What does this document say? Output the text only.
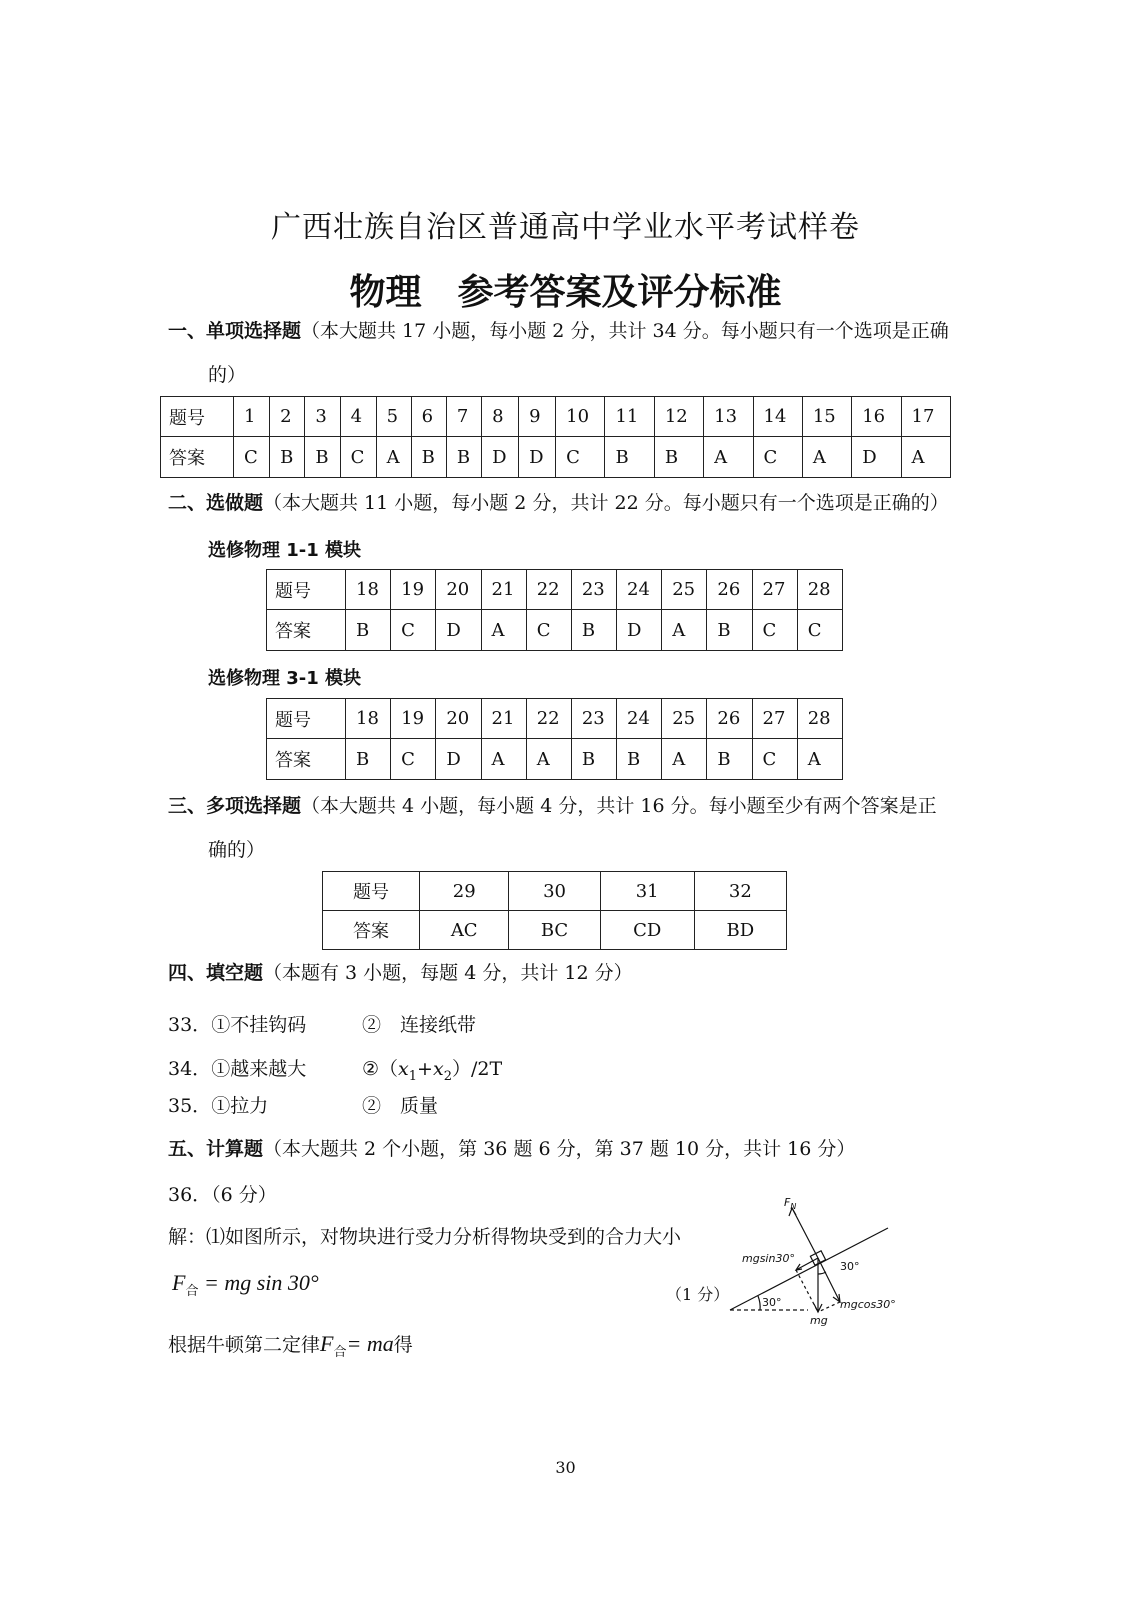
广西壮族自治区普通高中学业水平考试样卷
物理 参考答案及评分标准
一、单项选择题（本大题共 17 小题，每小题 2 分，共计 34 分。每小题只有一个选项是正确
的）
题号	1	2	3	4	5	6	7	8	9	10	11	12	13	14	15	16	17
答案	C	B	B	C	A	B	B	D	D	C	B	B	A	C	A	D	A
二、选做题（本大题共 11 小题，每小题 2 分，共计 22 分。每小题只有一个选项是正确的）
选修物理 1-1 模块
题号	18	19	20	21	22	23	24	25	26	27	28
答案	B	C	D	A	C	B	D	A	B	C	C
选修物理 3-1 模块
题号	18	19	20	21	22	23	24	25	26	27	28
答案	B	C	D	A	A	B	B	A	B	C	A
三、多项选择题（本大题共 4 小题，每小题 4 分，共计 16 分。每小题至少有两个答案是正
确的）
题号	29	30	31	32
答案	AC	BC	CD	BD
四、填空题（本题有 3 小题，每题 4 分，共计 12 分）
33．①不挂钩码	②　连接纸带
34．①越来越大	$②(x_1+x_2)/2T$
35．①拉力	②　质量
五、计算题（本大题共 2 个小题，第 36 题 6 分，第 37 题 10 分，共计 16 分）
36．（6 分）
解：⑴如图所示，对物块进行受力分析得物块受到的合力大小
$F_合$ = mg sin 30°	（1 分）
根据牛顿第二定律$F_合=$ ma得
$F_N$
mgsin30°
30°
30°	mgcos30°
mg
30
